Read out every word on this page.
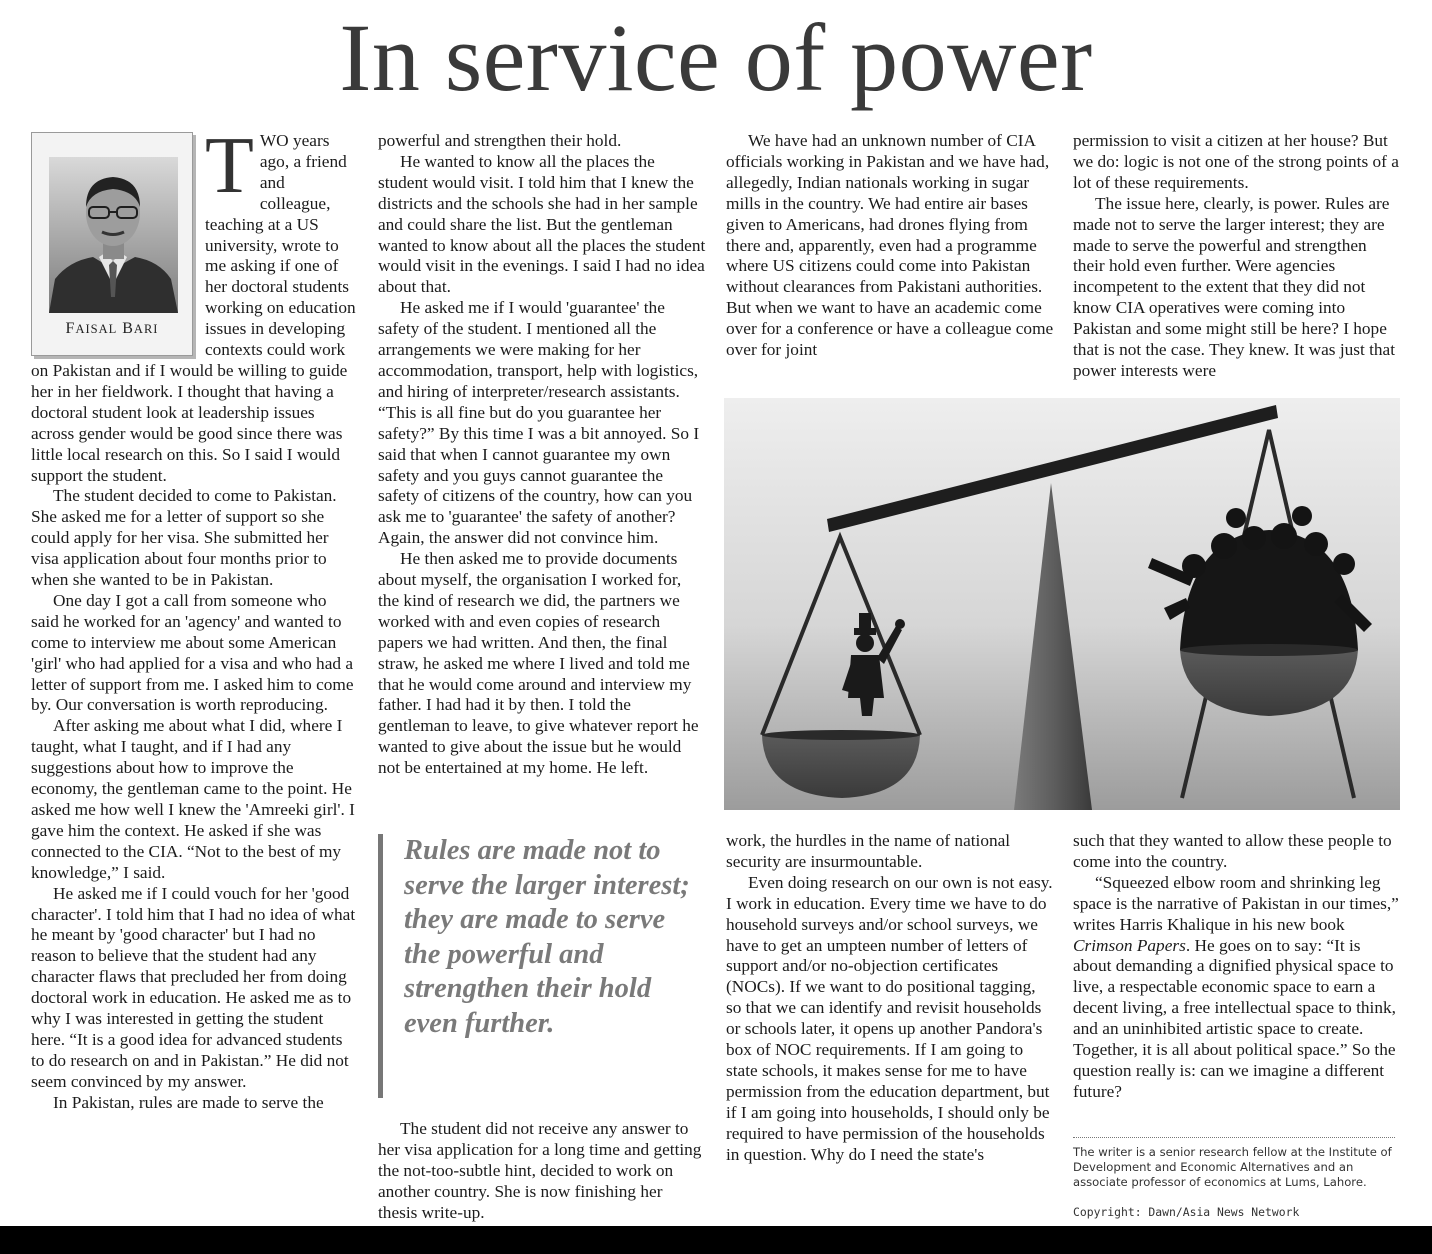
In service of power
FAISAL BARI

TWO years ago, a friend and colleague, teaching at a US university, wrote to me asking if one of her doctoral students working on education issues in developing contexts could work on Pakistan and if I would be willing to guide her in her fieldwork. I thought that having a doctoral student look at leadership issues across gender would be good since there was little local research on this. So I said I would support the student.

The student decided to come to Pakistan. She asked me for a letter of support so she could apply for her visa. She submitted her visa application about four months prior to when she wanted to be in Pakistan.

One day I got a call from someone who said he worked for an 'agency' and wanted to come to interview me about some American 'girl' who had applied for a visa and who had a letter of support from me. I asked him to come by. Our conversation is worth reproducing.

After asking me about what I did, where I taught, what I taught, and if I had any suggestions about how to improve the economy, the gentleman came to the point. He asked me how well I knew the 'Amreeki girl'. I gave him the context. He asked if she was connected to the CIA. “Not to the best of my knowledge,” I said.

He asked me if I could vouch for her 'good character'. I told him that I had no idea of what he meant by 'good character' but I had no reason to believe that the student had any character flaws that precluded her from doing doctoral work in education. He asked me as to why I was interested in getting the student here. “It is a good idea for advanced students to do research on and in Pakistan.” He did not seem convinced by my answer.

In Pakistan, rules are made to serve the

powerful and strengthen their hold.

He wanted to know all the places the student would visit. I told him that I knew the districts and the schools she had in her sample and could share the list. But the gentleman wanted to know about all the places the student would visit in the evenings. I said I had no idea about that.

He asked me if I would 'guarantee' the safety of the student. I mentioned all the arrangements we were making for her accommodation, transport, help with logistics, and hiring of interpreter/research assistants. “This is all fine but do you guarantee her safety?” By this time I was a bit annoyed. So I said that when I cannot guarantee my own safety and you guys cannot guarantee the safety of citizens of the country, how can you ask me to 'guarantee' the safety of another? Again, the answer did not convince him.

He then asked me to provide documents about myself, the organisation I worked for, the kind of research we did, the partners we worked with and even copies of research papers we had written. And then, the final straw, he asked me where I lived and told me that he would come around and interview my father. I had had it by then. I told the gentleman to leave, to give whatever report he wanted to give about the issue but he would not be entertained at my home. He left.

Rules are made not to serve the larger interest; they are made to serve the powerful and strengthen their hold even further.

The student did not receive any answer to her visa application for a long time and getting the not-too-subtle hint, decided to work on another country. She is now finishing her thesis write-up.

We have had an unknown number of CIA officials working in Pakistan and we have had, allegedly, Indian nationals working in sugar mills in the country. We had entire air bases given to Americans, had drones flying from there and, apparently, even had a programme where US citizens could come into Pakistan without clearances from Pakistani authorities. But when we want to have an academic come over for a conference or have a colleague come over for joint

permission to visit a citizen at her house? But we do: logic is not one of the strong points of a lot of these requirements.

The issue here, clearly, is power. Rules are made not to serve the larger interest; they are made to serve the powerful and strengthen their hold even further. Were agencies incompetent to the extent that they did not know CIA operatives were coming into Pakistan and some might still be here? I hope that is not the case. They knew. It was just that power interests were

work, the hurdles in the name of national security are insurmountable.

Even doing research on our own is not easy. I work in education. Every time we have to do household surveys and/or school surveys, we have to get an umpteen number of letters of support and/or no-objection certificates (NOCs). If we want to do positional tagging, so that we can identify and revisit households or schools later, it opens up another Pandora's box of NOC requirements. If I am going to state schools, it makes sense for me to have permission from the education department, but if I am going into households, I should only be required to have permission of the households in question. Why do I need the state's

such that they wanted to allow these people to come into the country.

“Squeezed elbow room and shrinking leg space is the narrative of Pakistan in our times,” writes Harris Khalique in his new book Crimson Papers. He goes on to say: “It is about demanding a dignified physical space to live, a respectable economic space to earn a decent living, a free intellectual space to think, and an uninhibited artistic space to create. Together, it is all about political space.” So the question really is: can we imagine a different future?

The writer is a senior research fellow at the Institute of Development and Economic Alternatives and an associate professor of economics at Lums, Lahore.

Copyright: Dawn/Asia News Network
